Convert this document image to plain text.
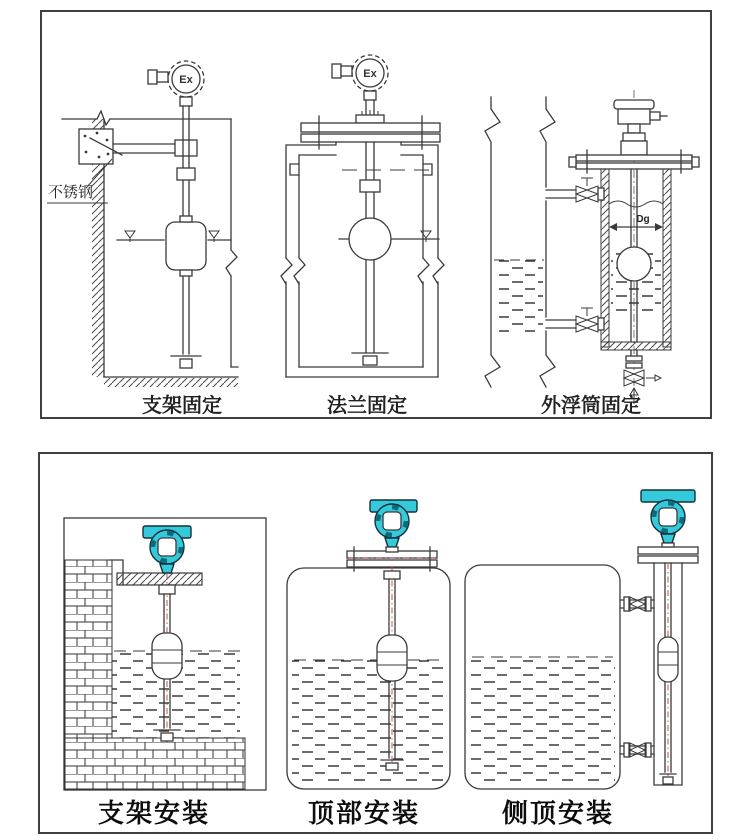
不锈钢
Ex
支架固定
Ex
法兰固定
Dg
外浮筒固定
支架安装	顶部安装	侧顶安装
